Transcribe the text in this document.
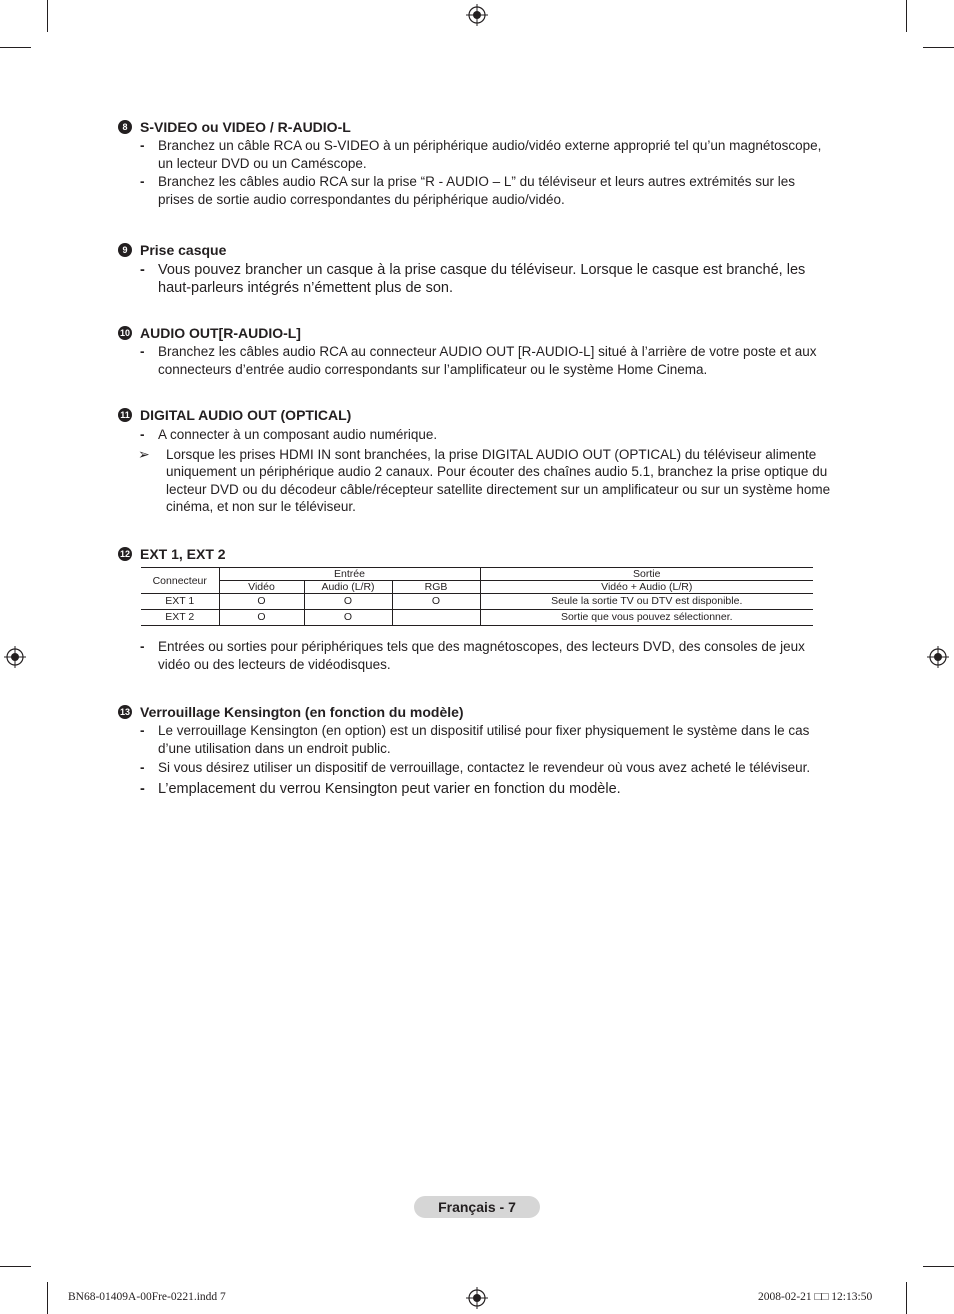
8 S-VIDEO ou VIDEO / R-AUDIO-L
-	Branchez un câble RCA ou S-VIDEO à un périphérique audio/vidéo externe approprié tel qu’un magnétoscope,
un lecteur DVD ou un Caméscope.
-	Branchez les câbles audio RCA sur la prise “R - AUDIO – L” du téléviseur et leurs autres extrémités sur les
prises de sortie audio correspondantes du périphérique audio/vidéo.
9 Prise casque
- Vous pouvez brancher un casque à la prise casque du téléviseur. Lorsque le casque est branché, les
haut-parleurs intégrés n’émettent plus de son.
10 AUDIO OUT[R-AUDIO-L]
-	Branchez les câbles audio RCA au connecteur AUDIO OUT [R-AUDIO-L] situé à l’arrière de votre poste et aux
connecteurs d’entrée audio correspondants sur l’amplificateur ou le système Home Cinema.
11 DIGITAL AUDIO OUT (OPTICAL)
-	A connecter à un composant audio numérique.
➢	Lorsque les prises HDMI IN sont branchées, la prise DIGITAL AUDIO OUT (OPTICAL) du téléviseur alimente
uniquement un périphérique audio 2 canaux. Pour écouter des chaînes audio 5.1, branchez la prise optique du
lecteur DVD ou du décodeur câble/récepteur satellite directement sur un amplificateur ou sur un système home
cinéma, et non sur le téléviseur.
12 EXT 1, EXT 2
Connecteur	Entrée			Sortie
	Vidéo	Audio (L/R)	RGB	Vidéo + Audio (L/R)
EXT 1	O	O	O	Seule la sortie TV ou DTV est disponible.
EXT 2	O	O		Sortie que vous pouvez sélectionner.
-	Entrées ou sorties pour périphériques tels que des magnétoscopes, des lecteurs DVD, des consoles de jeux
vidéo ou des lecteurs de vidéodisques.
13 Verrouillage Kensington (en fonction du modèle)
-	Le verrouillage Kensington (en option) est un dispositif utilisé pour fixer physiquement le système dans le cas
d’une utilisation dans un endroit public.
-	Si vous désirez utiliser un dispositif de verrouillage, contactez le revendeur où vous avez acheté le téléviseur.
- L’emplacement du verrou Kensington peut varier en fonction du modèle.
Français - 7
BN68-01409A-00Fre-0221.indd 7	2008-02-21 □□ 12:13:50
